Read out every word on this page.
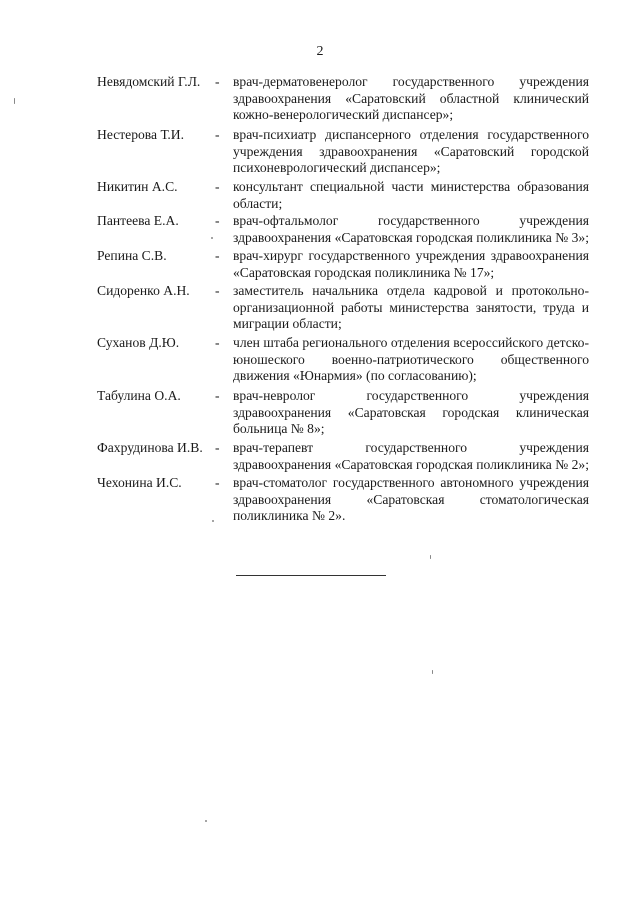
2
Невядомский Г.Л. - врач-дерматовенеролог государственного учреждения здравоохранения «Саратовский областной клинический кожно-венерологический диспансер»;
Нестерова Т.И. - врач-психиатр диспансерного отделения государственного учреждения здравоохранения «Саратовский городской психоневрологический диспансер»;
Никитин А.С.	- консультант специальной части министерства образования области;
Пантеева Е.А.	- врач-офтальмолог государственного учреждения здравоохранения «Саратовская городская поликлиника № 3»;
Репина С.В.	- врач-хирург государственного учреждения здравоохранения «Саратовская городская поликлиника № 17»;
Сидоренко А.Н. - заместитель начальника отдела кадровой и протокольно-организационной работы министерства занятости, труда и миграции области;
Суханов Д.Ю.	- член штаба регионального отделения всероссийского детско-юношеского военно-патриотического общественного движения «Юнармия» (по согласованию);
Табулина О.А.	- врач-невролог государственного учреждения здравоохранения «Саратовская городская клиническая больница № 8»;
Фахрудинова И.В. - врач-терапевт государственного учреждения здравоохранения «Саратовская городская поликлиника № 2»;
Чехонина И.С. - врач-стоматолог государственного автономного учреждения здравоохранения «Саратовская стоматологическая поликлиника № 2».
